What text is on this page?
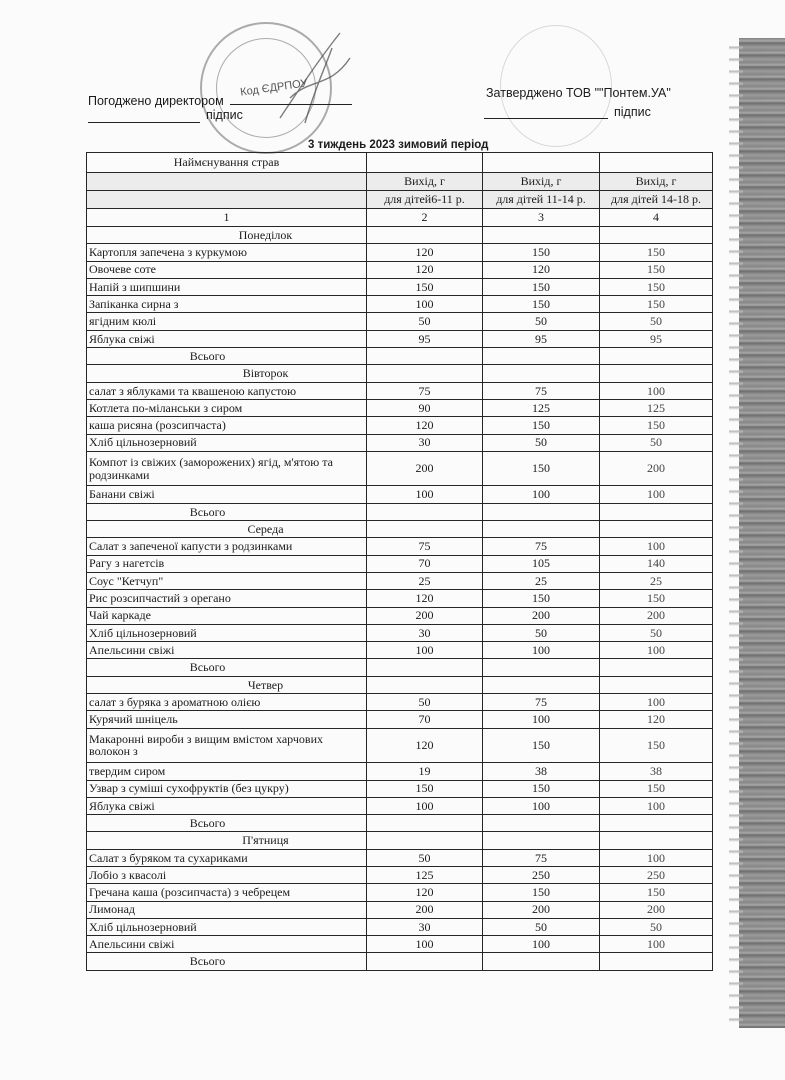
Код ЄДРПОУ
Погоджено директором
підпис
Затверджено ТОВ ""Понтем.УА"
підпис
3 тиждень 2023 зимовий період
Наймєнування страв			
	Вихід, г	Вихід, г	Вихід, г
	для дітей6-11 р.	для дітей 11-14 р.	для дітей 14-18 р.
1	2	3	4
Понеділок			
Картопля запечена з куркумою	120	150	150
Овочеве соте	120	120	150
Напій з шипшини	150	150	150
Запіканка сирна з	100	150	150
ягідним кюлі	50	50	50
Яблука свіжі	95	95	95
Всього			
Вівторок			
салат з яблуками та квашеною капустою	75	75	100
Котлета по-міланськи з сиром	90	125	125
каша рисяна (розсипчаста)	120	150	150
Хліб цільнозерновий	30	50	50
Компот із свіжих (заморожених) ягід, м'ятою та родзинками	200	150	200
Банани свіжі	100	100	100
Всього			
Середа			
Салат з запеченої капусти з родзинками	75	75	100
Рагу з нагетсів	70	105	140
Соус "Кетчуп"	25	25	25
Рис розсипчастий з орегано	120	150	150
Чай каркаде	200	200	200
Хліб цільнозерновий	30	50	50
Апельсини свіжі	100	100	100
Всього			
Четвер			
салат з буряка з ароматною олією	50	75	100
Курячий шніцель	70	100	120
Макаронні вироби з вищим вмістом харчових волокон з	120	150	150
твердим сиром	19	38	38
Узвар з суміші сухофруктів (без цукру)	150	150	150
Яблука свіжі	100	100	100
Всього			
П'ятниця			
Салат з буряком та сухариками	50	75	100
Лобіо з квасолі	125	250	250
Гречана каша (розсипчаста) з чебрецем	120	150	150
Лимонад	200	200	200
Хліб цільнозерновий	30	50	50
Апельсини свіжі	100	100	100
Всього			
